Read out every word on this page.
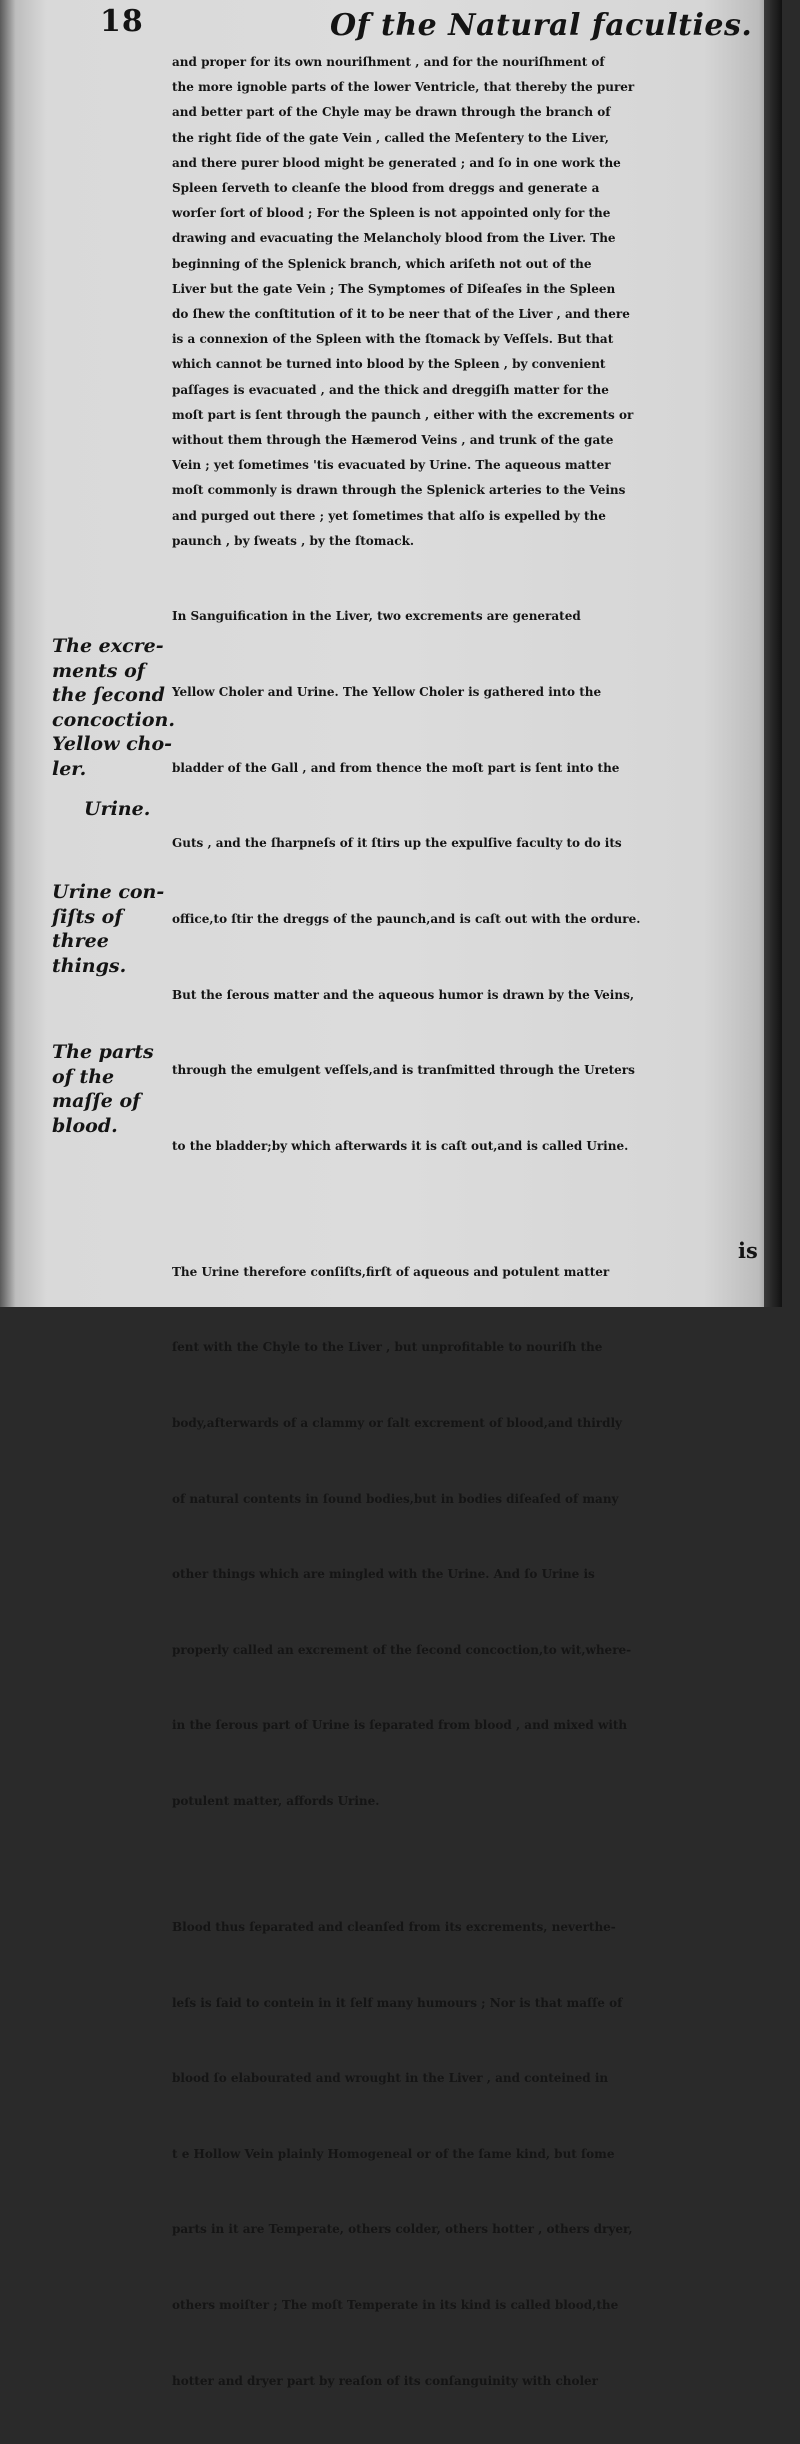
18	Of the Natural faculties.
and proper for its own nouriſhment , and for the nouriſhment of
the more ignoble parts of the lower Ventricle, that thereby the purer
and better part of the Chyle may be drawn through the branch of
the right ſide of the gate Vein , called the Meſentery to the Liver,
and there purer blood might be generated ; and ſo in one work the
Spleen ſerveth to cleanſe the blood from dreggs and generate a
worſer ſort of blood ; For the Spleen is not appointed only for the
drawing and evacuating the Melancholy blood from the Liver. The
beginning of the Splenick branch, which ariſeth not out of the
Liver but the gate Vein ; The Symptomes of Diſeaſes in the Spleen
do ſhew the conſtitution of it to be neer that of the Liver , and there
is a connexion of the Spleen with the ſtomack by Veſſels. But that
which cannot be turned into blood by the Spleen , by convenient
paſſages is evacuated , and the thick and dreggiſh matter for the
moſt part is ſent through the paunch , either with the excrements or
without them through the Hæmerod Veins , and trunk of the gate
Vein ; yet ſometimes 'tis evacuated by Urine. The aqueous matter
moſt commonly is drawn through the Splenick arteries to the Veins
and purged out there ; yet ſometimes that alſo is expelled by the
paunch , by ſweats , by the ſtomack.

In Sanguification in the Liver, two excrements are generated

Yellow Choler and Urine. The Yellow Choler is gathered into the

bladder of the Gall , and from thence the moſt part is ſent into the

Guts , and the ſharpneſs of it ſtirs up the expulſive faculty to do its

office,to ſtir the dreggs of the paunch,and is caſt out with the ordure.

But the ſerous matter and the aqueous humor is drawn by the Veins,

through the emulgent veſſels,and is tranſmitted through the Ureters

to the bladder;by which afterwards it is caſt out,and is called Urine.

The Urine therefore conſiſts,firſt of aqueous and potulent matter

ſent with the Chyle to the Liver , but unprofitable to nouriſh the

body,afterwards of a clammy or ſalt excrement of blood,and thirdly

of natural contents in ſound bodies,but in bodies diſeaſed of many

other things which are mingled with the Urine. And ſo Urine is

properly called an excrement of the ſecond concoction,to wit,where-

in the ſerous part of Urine is ſeparated from blood , and mixed with

potulent matter, affords Urine.

Blood thus ſeparated and cleanſed from its excrements, neverthe-

leſs is ſaid to contein in it ſelf many humours ; Nor is that maſſe of

blood ſo elabourated and wrought in the Liver , and conteined in

t e Hollow Vein plainly Homogeneal or of the ſame kind, but ſome

parts in it are Temperate, others colder, others hotter , others dryer,

others moiſter ; The moſt Temperate in its kind is called blood,the

hotter and dryer part by reaſon of its conſanguinity with choler

The excre-
ments of
the ſecond
concoction.
Yellow cho-
ler.
Urine.
Urine con-
ſiſts of
three
things.
The parts
of the
maſſe of
blood.
is
